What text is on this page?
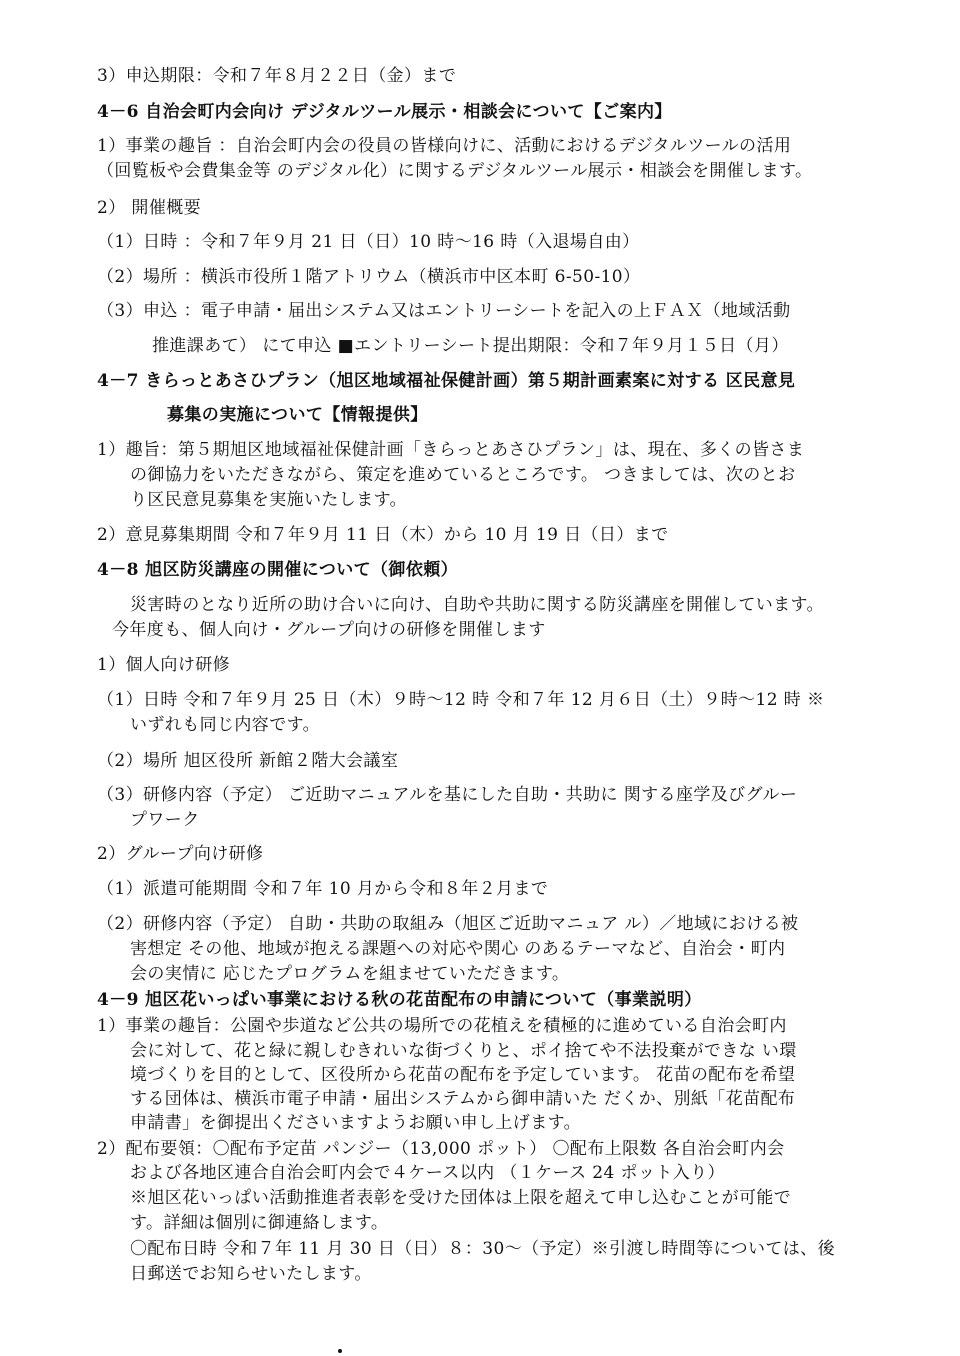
3）申込期限：令和７年８月２２日（金）まで
4－6 自治会町内会向け デジタルツール展示・相談会について【ご案内】
1）事業の趣旨 ：自治会町内会の役員の皆様向けに、活動におけるデジタルツールの活用
（回覧板や会費集金等 のデジタル化）に関するデジタルツール展示・相談会を開催します。
2） 開催概要
（1）日時 ：令和７年９月 21 日（日）10 時～16 時（入退場自由）
（2）場所 ：横浜市役所１階アトリウム（横浜市中区本町 6-50-10）
（3）申込 ：電子申請・届出システム又はエントリーシートを記入の上ＦＡＸ（地域活動
推進課あて） にて申込 ■エントリーシート提出期限：令和７年９月１５日（月）
4－7 きらっとあさひプラン（旭区地域福祉保健計画）第５期計画素案に対する 区民意見
募集の実施について【情報提供】
1）趣旨：第５期旭区地域福祉保健計画「きらっとあさひプラン」は、現在、多くの皆さま
の御協力をいただきながら、策定を進めているところです。 つきましては、次のとお
り区民意見募集を実施いたします。
2）意見募集期間 令和７年９月 11 日（木）から 10 月 19 日（日）まで
4－8 旭区防災講座の開催について（御依頼）
災害時のとなり近所の助け合いに向け、自助や共助に関する防災講座を開催しています。
今年度も、個人向け・グループ向けの研修を開催します
1）個人向け研修
（1）日時 令和７年９月 25 日（木）９時～12 時 令和７年 12 月６日（土）９時～12 時 ※
いずれも同じ内容です。
（2）場所 旭区役所 新館２階大会議室
（3）研修内容（予定） ご近助マニュアルを基にした自助・共助に 関する座学及びグルー
プワーク
2）グループ向け研修
（1）派遣可能期間 令和７年 10 月から令和８年２月まで
（2）研修内容（予定） 自助・共助の取組み（旭区ご近助マニュア ル）／地域における被
害想定 その他、地域が抱える課題への対応や関心 のあるテーマなど、自治会・町内
会の実情に 応じたプログラムを組ませていただきます。
4－9 旭区花いっぱい事業における秋の花苗配布の申請について（事業説明）
1）事業の趣旨：公園や歩道など公共の場所での花植えを積極的に進めている自治会町内
会に対して、花と緑に親しむきれいな街づくりと、ポイ捨てや不法投棄ができな い環
境づくりを目的として、区役所から花苗の配布を予定しています。 花苗の配布を希望
する団体は、横浜市電子申請・届出システムから御申請いた だくか、別紙「花苗配布
申請書」を御提出くださいますようお願い申し上げます。
2）配布要領：〇配布予定苗 パンジー（13,000 ポット） 〇配布上限数 各自治会町内会
および各地区連合自治会町内会で４ケース以内 （１ケース 24 ポット入り）
※旭区花いっぱい活動推進者表彰を受けた団体は上限を超えて申し込むことが可能で
す。詳細は個別に御連絡します。
〇配布日時 令和７年 11 月 30 日（日）８：30～（予定）※引渡し時間等については、後
日郵送でお知らせいたします。
